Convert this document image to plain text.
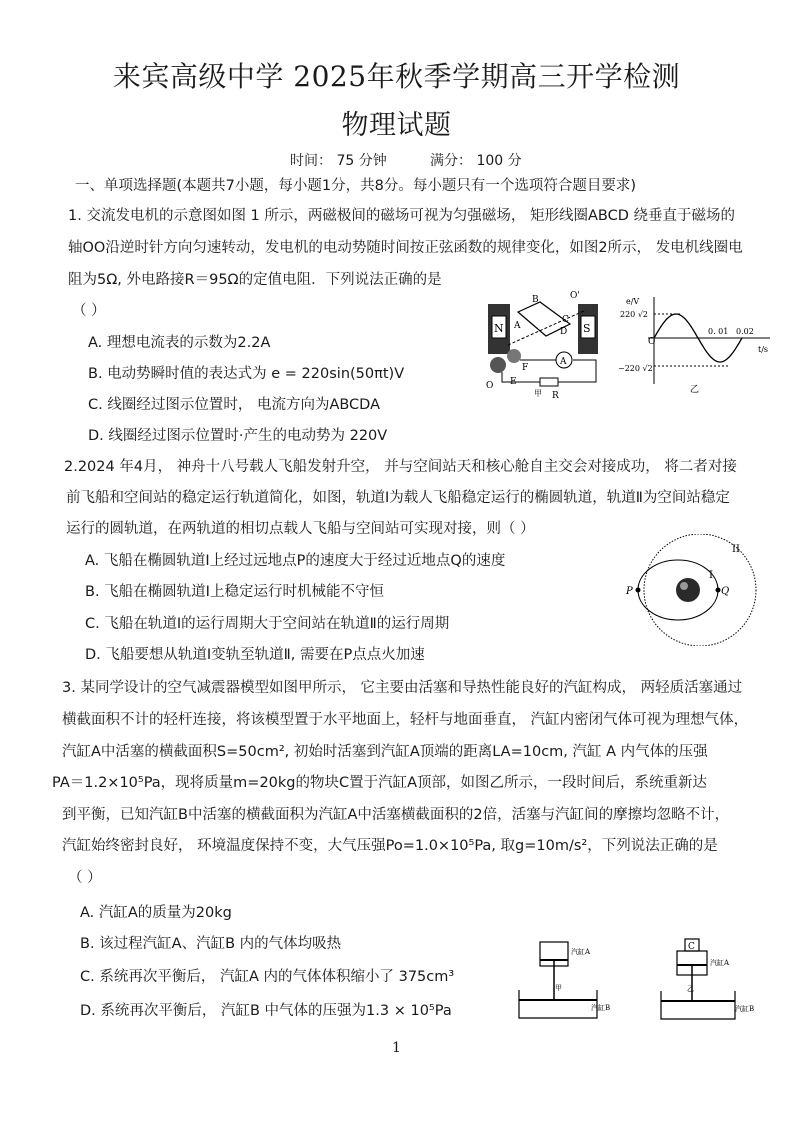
来宾高级中学 2025年秋季学期高三开学检测
物理试题
时间： 75 分钟	满分： 100 分
一、单项选择题(本题共7小题，每小题1分，共8分。每小题只有一个选项符合题目要求)
1. 交流发电机的示意图如图 1 所示，两磁极间的磁场可视为匀强磁场， 矩形线圈ABCD 绕垂直于磁场的
轴OO沿逆时针方向匀速转动，发电机的电动势随时间按正弦函数的规律变化，如图2所示， 发电机线圈电
阻为5Ω, 外电路接R＝95Ω的定值电阻．下列说法正确的是
（ ）
A. 理想电流表的示数为2.2A
B. 电动势瞬时值的表达式为 e = 220sin(50πt)V
C. 线圈经过图示位置时， 电流方向为ABCDA
D. 线圈经过图示位置时·产生的电动势为 220V
N	S
B
A
C
D
O'
O E
F
R
A
甲
e/V
220 √2
−220 √2
O
0. 01 0.02
t/s
乙
2.2024 年4月， 神舟十八号载人飞船发射升空， 并与空间站天和核心舱自主交会对接成功， 将二者对接
前飞船和空间站的稳定运行轨道简化，如图，轨道Ⅰ为载人飞船稳定运行的椭圆轨道，轨道Ⅱ为空间站稳定
运行的圆轨道，在两轨道的相切点载人飞船与空间站可实现对接，则（ ）
A. 飞船在椭圆轨道Ⅰ上经过远地点P的速度大于经过近地点Q的速度
B. 飞船在椭圆轨道Ⅰ上稳定运行时机械能不守恒
C. 飞船在轨道Ⅰ的运行周期大于空间站在轨道Ⅱ的运行周期
D. 飞船要想从轨道Ⅰ变轨至轨道Ⅱ, 需要在P点点火加速
P	Q
I
II
3. 某同学设计的空气减震器模型如图甲所示， 它主要由活塞和导热性能良好的汽缸构成， 两轻质活塞通过
横截面积不计的轻杆连接，将该模型置于水平地面上，轻杆与地面垂直， 汽缸内密闭气体可视为理想气体，
汽缸A中活塞的横截面积S=50cm², 初始时活塞到汽缸A顶端的距离LA=10cm, 汽缸 A 内气体的压强
PA＝1.2×10⁵Pa，现将质量m=20kg的物块C置于汽缸A顶部，如图乙所示，一段时间后，系统重新达
到平衡，已知汽缸B中活塞的横截面积为汽缸A中活塞横截面积的2倍，活塞与汽缸间的摩擦均忽略不计，
汽缸始终密封良好， 环境温度保持不变，大气压强Po=1.0×10⁵Pa, 取g=10m/s²，下列说法正确的是
（ ）
A. 汽缸A的质量为20kg
B. 该过程汽缸A、汽缸B 内的气体均吸热
C. 系统再次平衡后， 汽缸A 内的气体体积缩小了 375cm³
D. 系统再次平衡后， 汽缸B 中气体的压强为1.3 × 10⁵Pa
汽缸A
甲
汽缸B
C
汽缸A
乙
汽缸B
1
